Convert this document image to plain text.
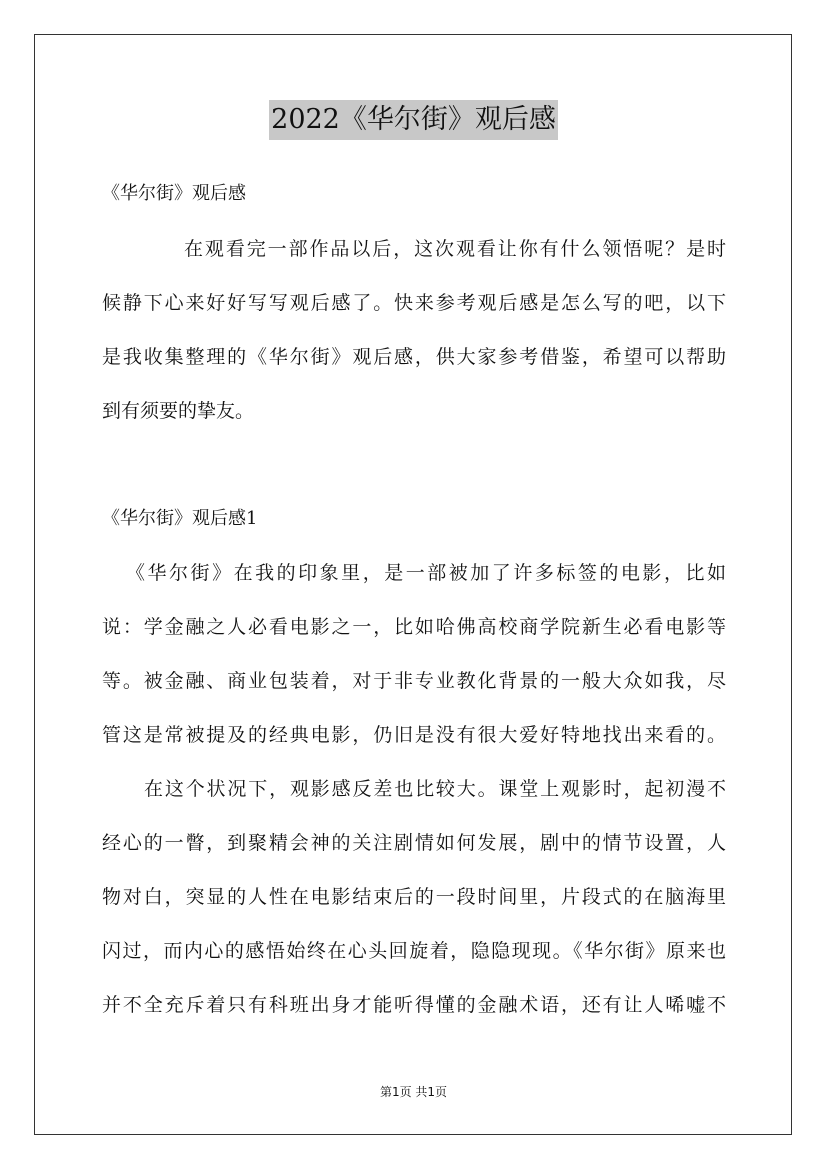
2022《华尔街》观后感
《华尔街》观后感
在观看完一部作品以后，这次观看让你有什么领悟呢？是时
候静下心来好好写写观后感了。快来参考观后感是怎么写的吧，以下
是我收集整理的《华尔街》观后感，供大家参考借鉴，希望可以帮助
到有须要的挚友。
《华尔街》观后感1
《华尔街》在我的印象里，是一部被加了许多标签的电影，比如
说：学金融之人必看电影之一，比如哈佛高校商学院新生必看电影等
等。被金融、商业包装着，对于非专业教化背景的一般大众如我，尽
管这是常被提及的经典电影，仍旧是没有很大爱好特地找出来看的。
在这个状况下，观影感反差也比较大。课堂上观影时，起初漫不
经心的一瞥，到聚精会神的关注剧情如何发展，剧中的情节设置，人
物对白，突显的人性在电影结束后的一段时间里，片段式的在脑海里
闪过，而内心的感悟始终在心头回旋着，隐隐现现。《华尔街》原来也
并不全充斥着只有科班出身才能听得懂的金融术语，还有让人唏嘘不
第1页 共1页
